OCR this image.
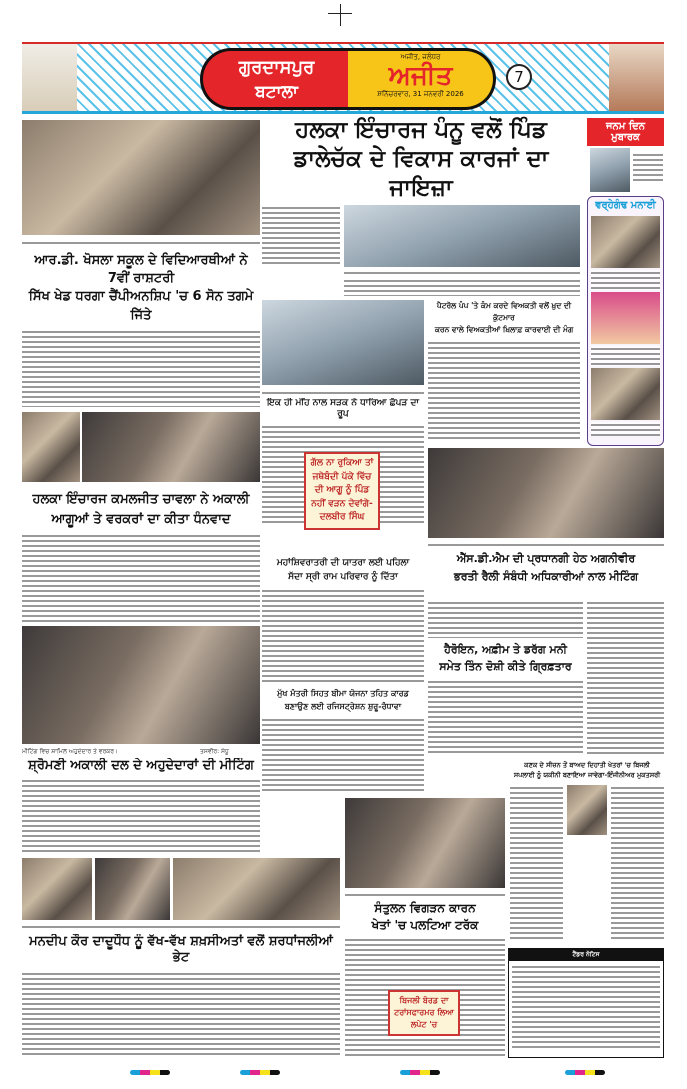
ਗੁਰਦਾਸਪੁਰ
ਬਟਾਲਾ
ਅਜੀਤ, ਜਲੰਧਰ
ਅਜੀਤ
ਸ਼ਨਿੱਚਰਵਾਰ, 31 ਜਨਵਰੀ 2026
7
ਆਰ.ਡੀ. ਖੋਸਲਾ ਸਕੂਲ ਦੇ ਵਿਦਿਆਰਥੀਆਂ ਨੇ 7ਵੀਂ ਰਾਸ਼ਟਰੀ
ਸਿੱਖ ਖੇਡ ਧਰਗਾ ਚੈਂਪੀਅਨਸ਼ਿਪ 'ਚ 6 ਸੋਨ ਤਗਮੇ ਜਿੱਤੇ
ਹਲਕਾ ਇੰਚਾਰਜ ਕਮਲਜੀਤ ਚਾਵਲਾ ਨੇ ਅਕਾਲੀ
ਆਗੂਆਂ ਤੇ ਵਰਕਰਾਂ ਦਾ ਕੀਤਾ ਧੰਨਵਾਦ
ਮੀਟਿੰਗ ਵਿਚ ਸ਼ਾਮਿਲ ਅਹੁਦੇਦਾਰ ਤੇ ਵਰਕਰ।	ਤਸਵੀਰ: ਸੰਧੂ
ਸ਼੍ਰੋਮਣੀ ਅਕਾਲੀ ਦਲ ਦੇ ਅਹੁਦੇਦਾਰਾਂ ਦੀ ਮੀਟਿੰਗ
ਮਨਦੀਪ ਕੌਰ ਦਾਦੂਧੌਧ ਨੂੰ ਵੱਖ-ਵੱਖ ਸ਼ਖ਼ਸੀਅਤਾਂ ਵਲੋਂ ਸ਼ਰਧਾਂਜਲੀਆਂ ਭੇਟ
ਹਲਕਾ ਇੰਚਾਰਜ ਪੰਨੂ ਵਲੋਂ ਪਿੰਡ
ਡਾਲੇਚੱਕ ਦੇ ਵਿਕਾਸ ਕਾਰਜਾਂ ਦਾ ਜਾਇਜ਼ਾ
ਇਕ ਹੀ ਮੀਂਹ ਨਾਲ ਸੜਕ ਨੇ ਧਾਰਿਆ ਛੱਪੜ ਦਾ ਰੂਪ
ਗੱਲ ਨਾ ਰੁਕਿਆ ਤਾਂ ਜਥੇਬੰਦੀ ਪੱਕੇ ਵਿੱਚ ਦੀ ਆਗੂ ਨੂੰ ਪਿੰਡ ਨਹੀਂ ਵੜਨ ਦੇਵਾਂਗੇ-ਦਲਬੀਰ ਸਿੰਘ
ਮਹਾਂਸ਼ਿਵਰਾਤਰੀ ਦੀ ਯਾਤਰਾ ਲਈ ਪਹਿਲਾ
ਸੱਦਾ ਸ੍ਰੀ ਰਾਮ ਪਰਿਵਾਰ ਨੂੰ ਦਿੱਤਾ
ਮੁੱਖ ਮੰਤਰੀ ਸਿਹਤ ਬੀਮਾ ਯੋਜਨਾ ਤਹਿਤ ਕਾਰਡ
ਬਣਾਉਣ ਲਈ ਰਜਿਸਟ੍ਰੇਸ਼ਨ ਸ਼ੁਰੂ-ਰੰਧਾਵਾ
ਸੰਤੁਲਨ ਵਿਗੜਨ ਕਾਰਨ
ਖੇਤਾਂ 'ਚ ਪਲਟਿਆ ਟਰੱਕ
ਬਿਜਲੀ ਬੋਰਡ ਦਾ ਟਰਾਂਸਫਾਰਮਰ ਲਿਆ ਲਪੇਟ 'ਚ
ਪੈਟਰੋਲ ਪੰਪ 'ਤੇ ਕੰਮ ਕਰਦੇ ਵਿਅਕਤੀ ਵਲੋਂ ਖ਼ੁਦ ਦੀ ਕੁੱਟਮਾਰ
ਕਰਨ ਵਾਲੇ ਵਿਅਕਤੀਆਂ ਖ਼ਿਲਾਫ਼ ਕਾਰਵਾਈ ਦੀ ਮੰਗ
ਐੱਸ.ਡੀ.ਐਮ ਦੀ ਪ੍ਰਧਾਨਗੀ ਹੇਠ ਅਗਨੀਵੀਰ
ਭਰਤੀ ਰੈਲੀ ਸੰਬੰਧੀ ਅਧਿਕਾਰੀਆਂ ਨਾਲ ਮੀਟਿੰਗ
ਹੈਰੋਇਨ, ਅਫ਼ੀਮ ਤੇ ਡਰੱਗ ਮਨੀ
ਸਮੇਤ ਤਿੰਨ ਦੋਸ਼ੀ ਕੀਤੇ ਗ੍ਰਿਫ਼ਤਾਰ
ਕਣਕ ਦੇ ਸੀਜ਼ਨ ਤੋਂ ਬਾਅਦ ਦਿਹਾਤੀ ਖੇਤਰਾਂ 'ਚ ਬਿਜਲੀ
ਸਪਲਾਈ ਨੂੰ ਯਕੀਨੀ ਬਣਾਇਆ ਜਾਵੇਗਾ-ਇੰਜੀਨੀਅਰ ਮੁਕਤਸਰੀ
ਟੈਂਡਰ ਨੋਟਿਸ
ਜਨਮ ਦਿਨ ਮੁਬਾਰਕ
ਵਰ੍ਹੇਗੰਢ ਮਨਾਈ
